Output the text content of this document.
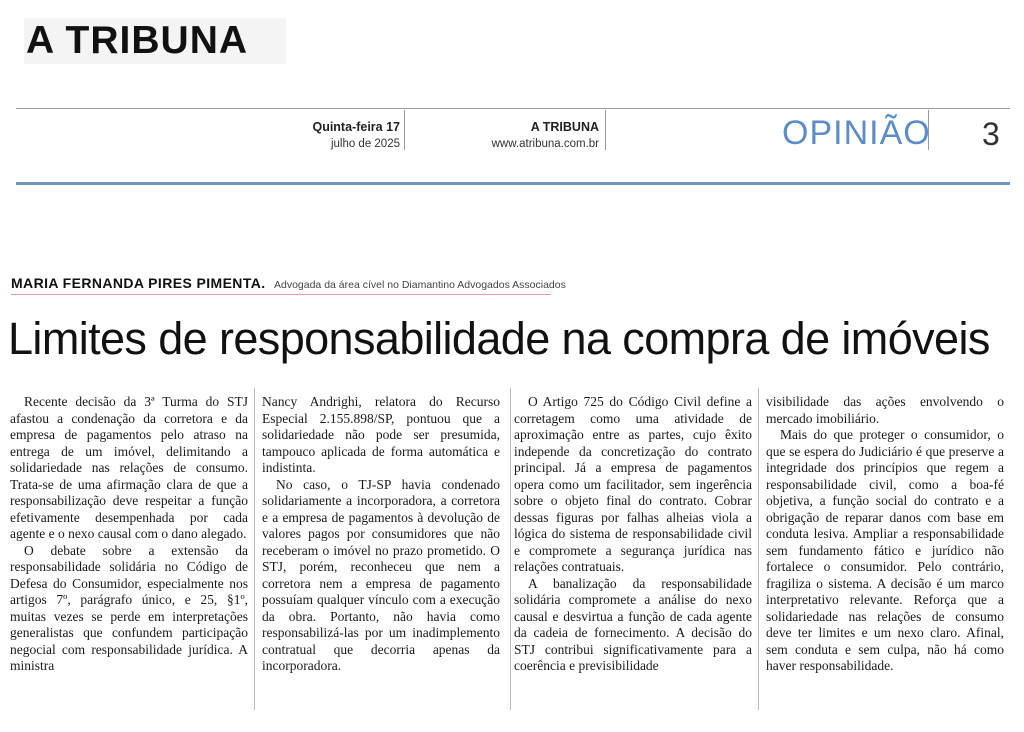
A TRIBUNA
Quinta-feira 17
julho de 2025
A TRIBUNA
www.atribuna.com.br	OPINIÃO 3
MARIA FERNANDA PIRES PIMENTA. Advogada da área cível no Diamantino Advogados Associados
Limites de responsabilidade na compra de imóveis

Recente decisão da 3ª Turma do STJ afastou a condenação da corretora e da empresa de pagamentos pelo atraso na entrega de um imóvel, delimitando a solidariedade nas relações de consumo. Trata-se de uma afirmação clara de que a responsabilização deve respeitar a função efetivamente desempenhada por cada agente e o nexo causal com o dano alegado.

O debate sobre a extensão da responsabilidade solidária no Código de Defesa do Consumidor, especialmente nos artigos 7º, parágrafo único, e 25, §1º, muitas vezes se perde em interpretações generalistas que confundem participação negocial com responsabilidade jurídica. A ministra

Nancy Andrighi, relatora do Recurso Especial 2.155.898/SP, pontuou que a solidariedade não pode ser presumida, tampouco aplicada de forma automática e indistinta.

No caso, o TJ-SP havia condenado solidariamente a incorporadora, a corretora e a empresa de pagamentos à devolução de valores pagos por consumidores que não receberam o imóvel no prazo prometido. O STJ, porém, reconheceu que nem a corretora nem a empresa de pagamento possuíam qualquer vínculo com a execução da obra. Portanto, não havia como responsabilizá-las por um inadimplemento contratual que decorria apenas da incorporadora.

O Artigo 725 do Código Civil define a corretagem como uma atividade de aproximação entre as partes, cujo êxito independe da concretização do contrato principal. Já a empresa de pagamentos opera como um facilitador, sem ingerência sobre o objeto final do contrato. Cobrar dessas figuras por falhas alheias viola a lógica do sistema de responsabilidade civil e compromete a segurança jurídica nas relações contratuais.

A banalização da responsabilidade solidária compromete a análise do nexo causal e desvirtua a função de cada agente da cadeia de fornecimento. A decisão do STJ contribui significativamente para a coerência e previsibilidade

visibilidade das ações envolvendo o mercado imobiliário.

Mais do que proteger o consumidor, o que se espera do Judiciário é que preserve a integridade dos princípios que regem a responsabilidade civil, como a boa-fé objetiva, a função social do contrato e a obrigação de reparar danos com base em conduta lesiva. Ampliar a responsabilidade sem fundamento fático e jurídico não fortalece o consumidor. Pelo contrário, fragiliza o sistema. A decisão é um marco interpretativo relevante. Reforça que a solidariedade nas relações de consumo deve ter limites e um nexo claro. Afinal, sem conduta e sem culpa, não há como haver responsabilidade.
